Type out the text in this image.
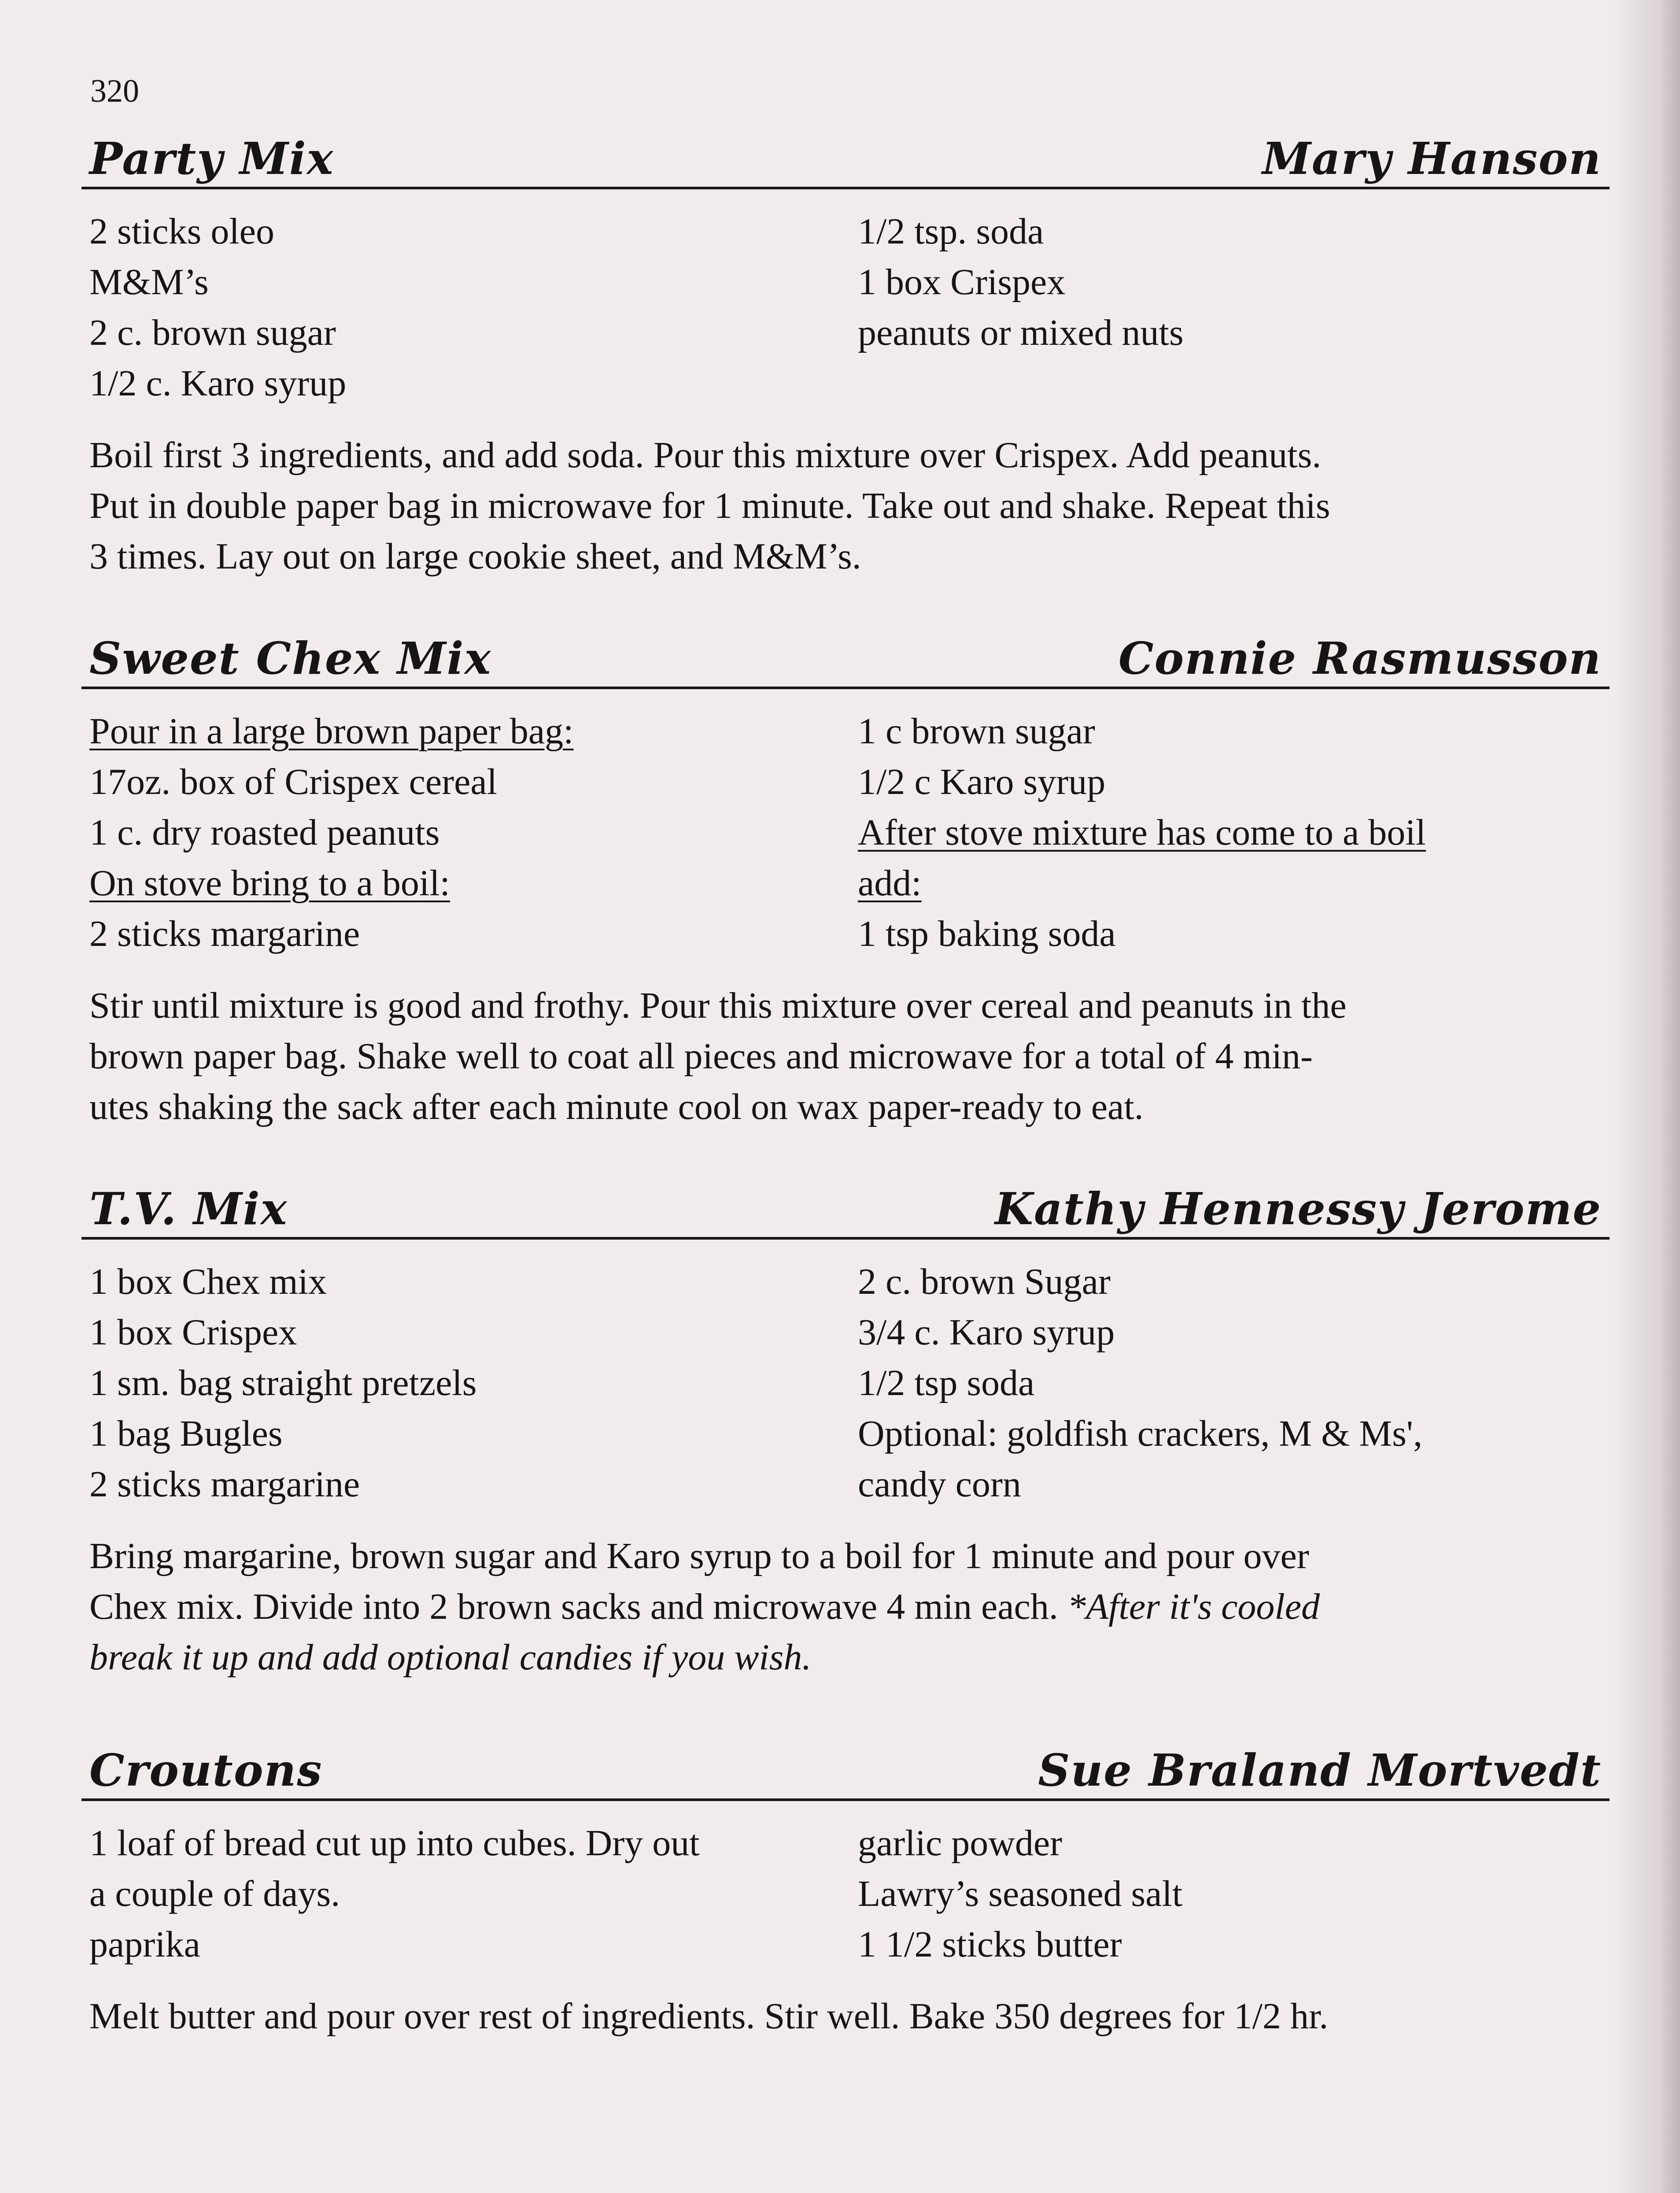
320
Party Mix	Mary Hanson
2 sticks oleo
M&M’s
2 c. brown sugar
1/2 c. Karo syrup
1/2 tsp. soda
1 box Crispex
peanuts or mixed nuts
Boil first 3 ingredients, and add soda. Pour this mixture over Crispex. Add peanuts.
Put in double paper bag in microwave for 1 minute. Take out and shake. Repeat this
3 times. Lay out on large cookie sheet, and M&M’s.
Sweet Chex Mix	Connie Rasmusson
Pour in a large brown paper bag:
17oz. box of Crispex cereal
1 c. dry roasted peanuts
On stove bring to a boil:
2 sticks margarine
1 c brown sugar
1/2 c Karo syrup
After stove mixture has come to a boil
add:
1 tsp baking soda
Stir until mixture is good and frothy. Pour this mixture over cereal and peanuts in the
brown paper bag. Shake well to coat all pieces and microwave for a total of 4 min-
utes shaking the sack after each minute cool on wax paper-ready to eat.
T.V. Mix	Kathy Hennessy Jerome
1 box Chex mix
1 box Crispex
1 sm. bag straight pretzels
1 bag Bugles
2 sticks margarine
2 c. brown Sugar
3/4 c. Karo syrup
1/2 tsp soda
Optional: goldfish crackers, M & Ms',
candy corn
Bring margarine, brown sugar and Karo syrup to a boil for 1 minute and pour over
Chex mix. Divide into 2 brown sacks and microwave 4 min each. *After it's cooled
break it up and add optional candies if you wish.
Croutons	Sue Braland Mortvedt
1 loaf of bread cut up into cubes. Dry out
a couple of days.
paprika
garlic powder
Lawry’s seasoned salt
1 1/2 sticks butter
Melt butter and pour over rest of ingredients. Stir well. Bake 350 degrees for 1/2 hr.
